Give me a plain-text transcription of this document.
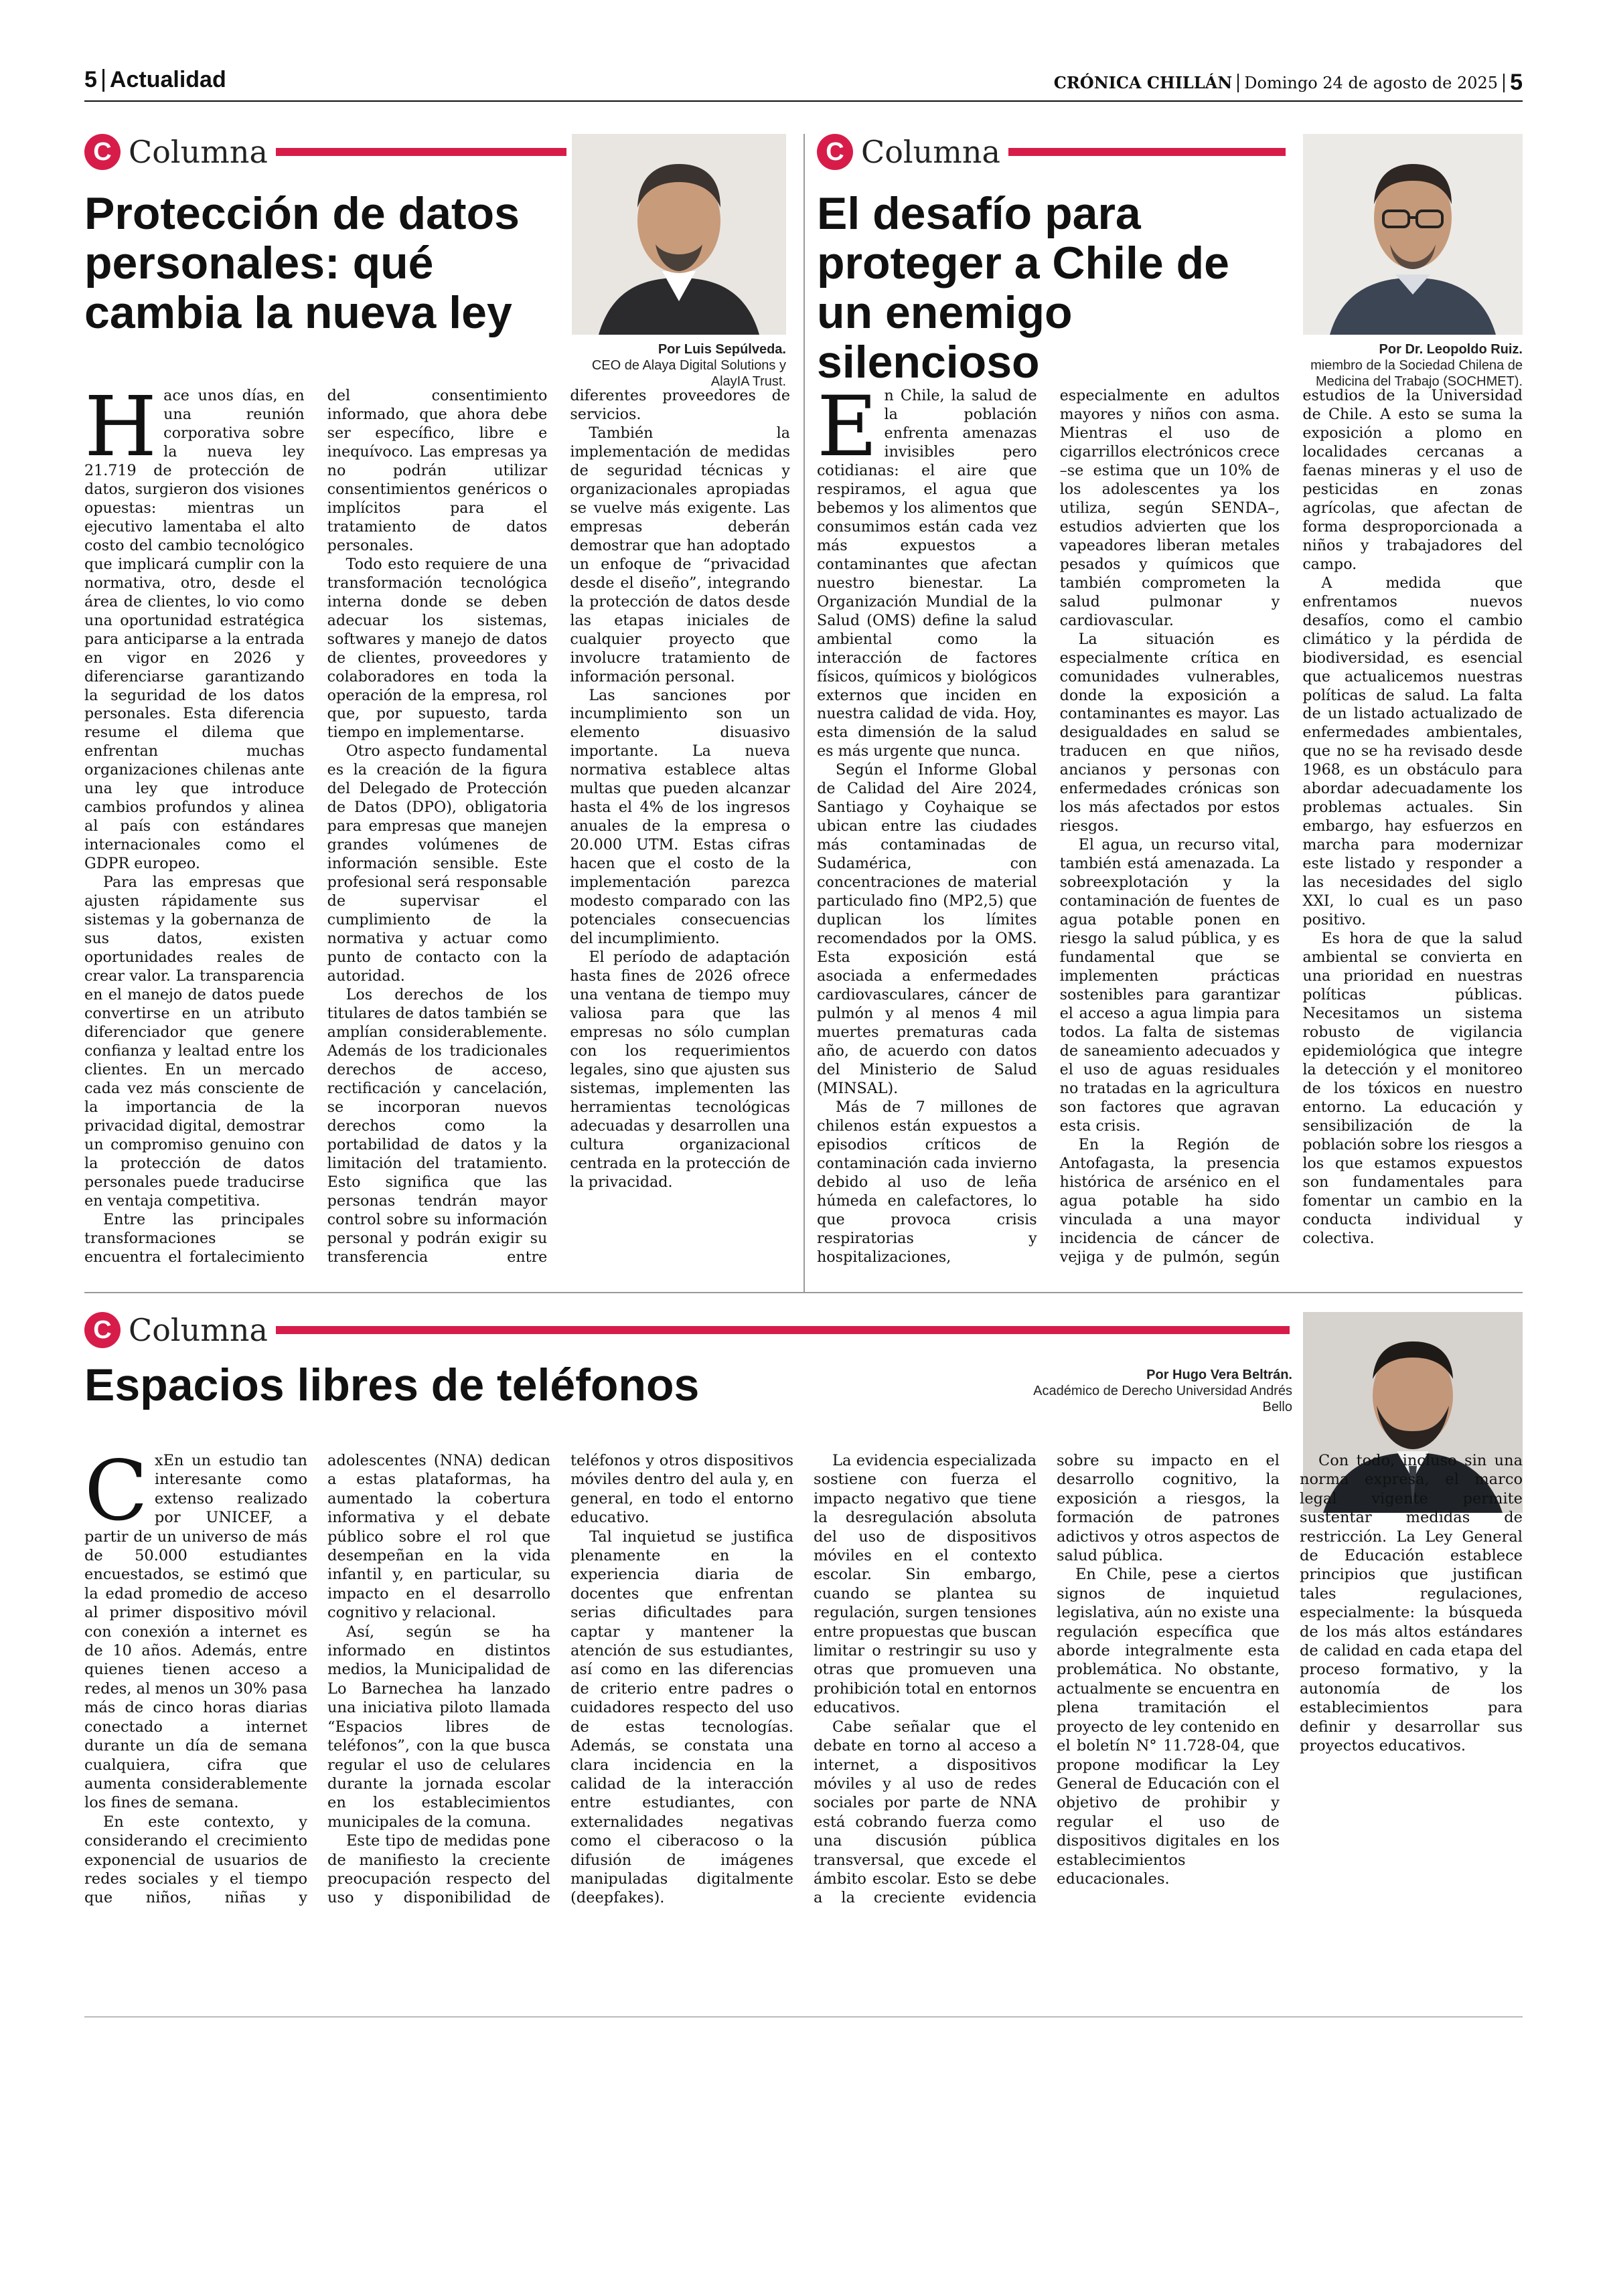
5 Actualidad	CRÓNICA CHILLÁN Domingo 24 de agosto de 2025 5
C Columna
Protección de datos personales: qué cambia la nueva ley
Por Luis Sepúlveda.
CEO de Alaya Digital Solutions y AlayIA Trust.

Hace unos días, en una reunión corporativa sobre la nueva ley 21.719 de protección de datos, surgieron dos visiones opuestas: mientras un ejecutivo lamentaba el alto costo del cambio tecnológico que implicará cumplir con la normativa, otro, desde el área de clientes, lo vio como una oportunidad estratégica para anticiparse a la entrada en vigor en 2026 y diferenciarse garantizando la seguridad de los datos personales. Esta diferencia resume el dilema que enfrentan muchas organizaciones chilenas ante una ley que introduce cambios profundos y alinea al país con estándares internacionales como el GDPR europeo.

Para las empresas que ajusten rápidamente sus sistemas y la gobernanza de sus datos, existen oportunidades reales de crear valor. La transparencia en el manejo de datos puede convertirse en un atributo diferenciador que genere confianza y lealtad entre los clientes. En un mercado cada vez más consciente de la importancia de la privacidad digital, demostrar un compromiso genuino con la protección de datos personales puede traducirse en ventaja competitiva.

Entre las principales transformaciones se encuentra el fortalecimiento del consentimiento informado, que ahora debe ser específico, libre e inequívoco. Las empresas ya no podrán utilizar consentimientos genéricos o implícitos para el tratamiento de datos personales.

Todo esto requiere de una transformación tecnológica interna donde se deben adecuar los sistemas, softwares y manejo de datos de clientes, proveedores y colaboradores en toda la operación de la empresa, rol que, por supuesto, tarda tiempo en implementarse.

Otro aspecto fundamental es la creación de la figura del Delegado de Protección de Datos (DPO), obligatoria para empresas que manejen grandes volúmenes de información sensible. Este profesional será responsable de supervisar el cumplimiento de la normativa y actuar como punto de contacto con la autoridad.

Los derechos de los titulares de datos también se amplían considerablemente. Además de los tradicionales derechos de acceso, rectificación y cancelación, se incorporan nuevos derechos como la portabilidad de datos y la limitación del tratamiento. Esto significa que las personas tendrán mayor control sobre su información personal y podrán exigir su transferencia entre diferentes proveedores de servicios.

También la implementación de medidas de seguridad técnicas y organizacionales apropiadas se vuelve más exigente. Las empresas deberán demostrar que han adoptado un enfoque de “privacidad desde el diseño”, integrando la protección de datos desde las etapas iniciales de cualquier proyecto que involucre tratamiento de información personal.

Las sanciones por incumplimiento son un elemento disuasivo importante. La nueva normativa establece altas multas que pueden alcanzar hasta el 4% de los ingresos anuales de la empresa o 20.000 UTM. Estas cifras hacen que el costo de la implementación parezca modesto comparado con las potenciales consecuencias del incumplimiento.

El período de adaptación hasta fines de 2026 ofrece una ventana de tiempo muy valiosa para que las empresas no sólo cumplan con los requerimientos legales, sino que ajusten sus sistemas, implementen las herramientas tecnológicas adecuadas y desarrollen una cultura organizacional centrada en la protección de la privacidad.

C Columna
El desafío para proteger a Chile de un enemigo silencioso	Por Dr. Leopoldo Ruiz.
miembro de la Sociedad Chilena de Medicina del Trabajo (SOCHMET).

En Chile, la salud de la población enfrenta amenazas invisibles pero cotidianas: el aire que respiramos, el agua que bebemos y los alimentos que consumimos están cada vez más expuestos a contaminantes que afectan nuestro bienestar. La Organización Mundial de la Salud (OMS) define la salud ambiental como la interacción de factores físicos, químicos y biológicos externos que inciden en nuestra calidad de vida. Hoy, esta dimensión de la salud es más urgente que nunca.

Según el Informe Global de Calidad del Aire 2024, Santiago y Coyhaique se ubican entre las ciudades más contaminadas de Sudamérica, con concentraciones de material particulado fino (MP2,5) que duplican los límites recomendados por la OMS. Esta exposición está asociada a enfermedades cardiovasculares, cáncer de pulmón y al menos 4 mil muertes prematuras cada año, de acuerdo con datos del Ministerio de Salud (MINSAL).

Más de 7 millones de chilenos están expuestos a episodios críticos de contaminación cada invierno debido al uso de leña húmeda en calefactores, lo que provoca crisis respiratorias y hospitalizaciones, especialmente en adultos mayores y niños con asma. Mientras el uso de cigarrillos electrónicos crece –se estima que un 10% de los adolescentes ya los utiliza, según SENDA–, estudios advierten que los vapeadores liberan metales pesados y químicos que también comprometen la salud pulmonar y cardiovascular.

La situación es especialmente crítica en comunidades vulnerables, donde la exposición a contaminantes es mayor. Las desigualdades en salud se traducen en que niños, ancianos y personas con enfermedades crónicas son los más afectados por estos riesgos.

El agua, un recurso vital, también está amenazada. La sobreexplotación y la contaminación de fuentes de agua potable ponen en riesgo la salud pública, y es fundamental que se implementen prácticas sostenibles para garantizar el acceso a agua limpia para todos. La falta de sistemas de saneamiento adecuados y el uso de aguas residuales no tratadas en la agricultura son factores que agravan esta crisis.

En la Región de Antofagasta, la presencia histórica de arsénico en el agua potable ha sido vinculada a una mayor incidencia de cáncer de vejiga y de pulmón, según estudios de la Universidad de Chile. A esto se suma la exposición a plomo en localidades cercanas a faenas mineras y el uso de pesticidas en zonas agrícolas, que afectan de forma desproporcionada a niños y trabajadores del campo.

A medida que enfrentamos nuevos desafíos, como el cambio climático y la pérdida de biodiversidad, es esencial que actualicemos nuestras políticas de salud. La falta de un listado actualizado de enfermedades ambientales, que no se ha revisado desde 1968, es un obstáculo para abordar adecuadamente los problemas actuales. Sin embargo, hay esfuerzos en marcha para modernizar este listado y responder a las necesidades del siglo XXI, lo cual es un paso positivo.

Es hora de que la salud ambiental se convierta en una prioridad en nuestras políticas públicas. Necesitamos un sistema robusto de vigilancia epidemiológica que integre la detección y el monitoreo de los tóxicos en nuestro entorno. La educación y sensibilización de la población sobre los riesgos a los que estamos expuestos son fundamentales para fomentar un cambio en la conducta individual y colectiva.

C Columna
Espacios libres de teléfonos	Por Hugo Vera Beltrán.
Académico de Derecho Universidad Andrés Bello

CxEn un estudio tan interesante como extenso realizado por UNICEF, a partir de un universo de más de 50.000 estudiantes encuestados, se estimó que la edad promedio de acceso al primer dispositivo móvil con conexión a internet es de 10 años. Además, entre quienes tienen acceso a redes, al menos un 30% pasa más de cinco horas diarias conectado a internet durante un día de semana cualquiera, cifra que aumenta considerablemente los fines de semana.

En este contexto, y considerando el crecimiento exponencial de usuarios de redes sociales y el tiempo que niños, niñas y adolescentes (NNA) dedican a estas plataformas, ha aumentado la cobertura informativa y el debate público sobre el rol que desempeñan en la vida infantil y, en particular, su impacto en el desarrollo cognitivo y relacional.

Así, según se ha informado en distintos medios, la Municipalidad de Lo Barnechea ha lanzado una iniciativa piloto llamada “Espacios libres de teléfonos”, con la que busca regular el uso de celulares durante la jornada escolar en los establecimientos municipales de la comuna.

Este tipo de medidas pone de manifiesto la creciente preocupación respecto del uso y disponibilidad de teléfonos y otros dispositivos móviles dentro del aula y, en general, en todo el entorno educativo.

Tal inquietud se justifica plenamente en la experiencia diaria de docentes que enfrentan serias dificultades para captar y mantener la atención de sus estudiantes, así como en las diferencias de criterio entre padres o cuidadores respecto del uso de estas tecnologías. Además, se constata una clara incidencia en la calidad de la interacción entre estudiantes, con externalidades negativas como el ciberacoso o la difusión de imágenes manipuladas digitalmente (deepfakes).

La evidencia especializada sostiene con fuerza el impacto negativo que tiene la desregulación absoluta del uso de dispositivos móviles en el contexto escolar. Sin embargo, cuando se plantea su regulación, surgen tensiones entre propuestas que buscan limitar o restringir su uso y otras que promueven una prohibición total en entornos educativos.

Cabe señalar que el debate en torno al acceso a internet, a dispositivos móviles y al uso de redes sociales por parte de NNA está cobrando fuerza como una discusión pública transversal, que excede el ámbito escolar. Esto se debe a la creciente evidencia sobre su impacto en el desarrollo cognitivo, la exposición a riesgos, la formación de patrones adictivos y otros aspectos de salud pública.

En Chile, pese a ciertos signos de inquietud legislativa, aún no existe una regulación específica que aborde integralmente esta problemática. No obstante, actualmente se encuentra en plena tramitación el proyecto de ley contenido en el boletín N° 11.728-04, que propone modificar la Ley General de Educación con el objetivo de prohibir y regular el uso de dispositivos digitales en los establecimientos educacionales.

Con todo, incluso sin una norma expresa, el marco legal vigente permite sustentar medidas de restricción. La Ley General de Educación establece principios que justifican tales regulaciones, especialmente: la búsqueda de los más altos estándares de calidad en cada etapa del proceso formativo, y la autonomía de los establecimientos para definir y desarrollar sus proyectos educativos.
